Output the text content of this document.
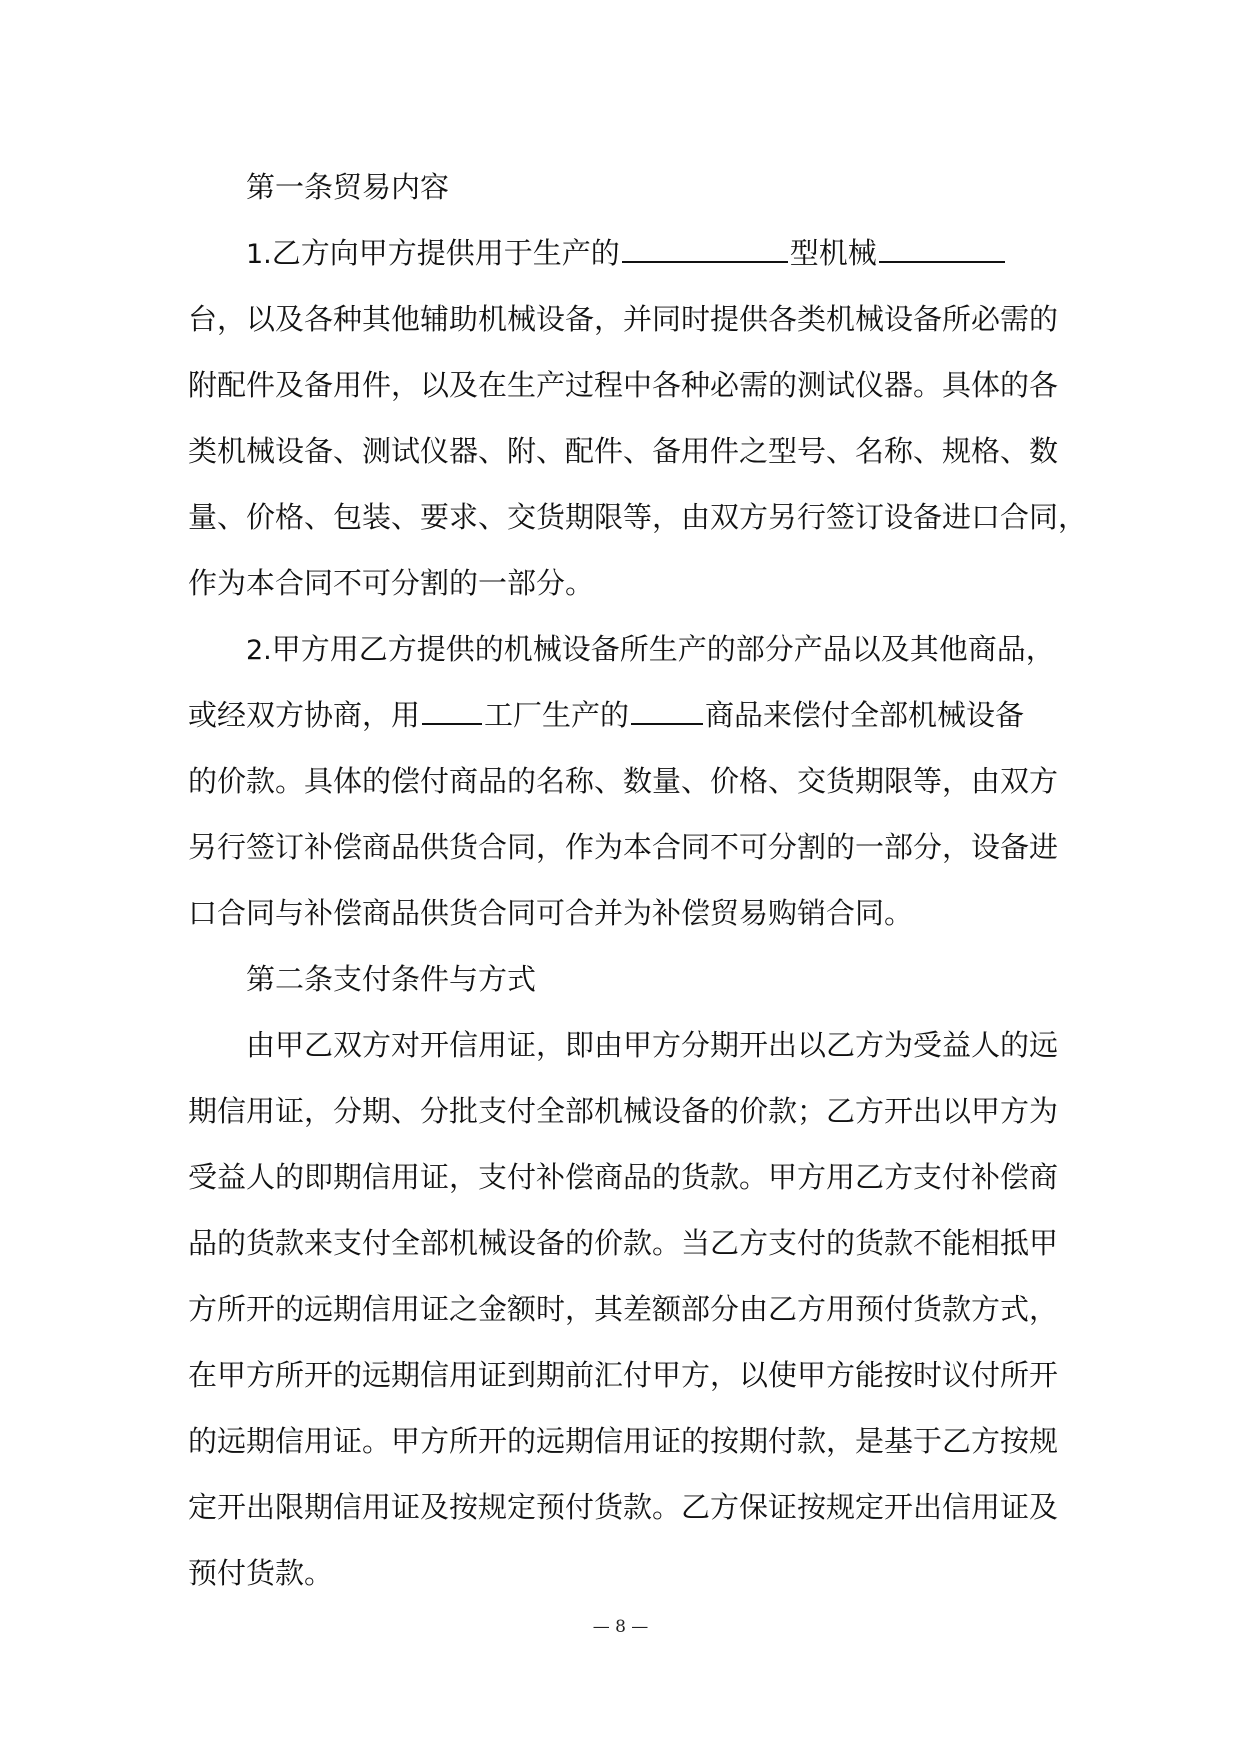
第一条贸易内容
1.乙方向甲方提供用于生产的	型机械
台，以及各种其他辅助机械设备，并同时提供各类机械设备所必需的
附配件及备用件，以及在生产过程中各种必需的测试仪器。具体的各
类机械设备、测试仪器、附、配件、备用件之型号、名称、规格、数
量、价格、包装、要求、交货期限等，由双方另行签订设备进口合同，
作为本合同不可分割的一部分。
2.甲方用乙方提供的机械设备所生产的部分产品以及其他商品，
或经双方协商，用 工厂生产的	商品来偿付全部机械设备
的价款。具体的偿付商品的名称、数量、价格、交货期限等，由双方
另行签订补偿商品供货合同，作为本合同不可分割的一部分，设备进
口合同与补偿商品供货合同可合并为补偿贸易购销合同。
第二条支付条件与方式
由甲乙双方对开信用证，即由甲方分期开出以乙方为受益人的远
期信用证，分期、分批支付全部机械设备的价款；乙方开出以甲方为
受益人的即期信用证，支付补偿商品的货款。甲方用乙方支付补偿商
品的货款来支付全部机械设备的价款。当乙方支付的货款不能相抵甲
方所开的远期信用证之金额时，其差额部分由乙方用预付货款方式，
在甲方所开的远期信用证到期前汇付甲方，以使甲方能按时议付所开
的远期信用证。甲方所开的远期信用证的按期付款，是基于乙方按规
定开出限期信用证及按规定预付货款。乙方保证按规定开出信用证及
预付货款。
— 8 —
